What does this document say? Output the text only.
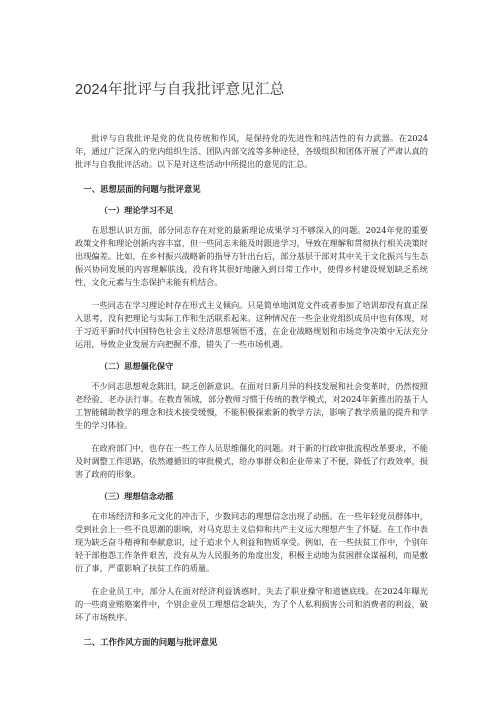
2024年批评与自我批评意见汇总

批评与自我批评是党的优良传统和作风，是保持党的先进性和纯洁性的有力武器。在2024年，通过广泛深入的党内组织生活、团队内部交流等多种途径，各级组织和团体开展了严肃认真的批评与自我批评活动。以下是对这些活动中所提出的意见的汇总。

一、思想层面的问题与批评意见
（一）理论学习不足

在思想认识方面，部分同志存在对党的最新理论成果学习不够深入的问题。2024年党的重要政策文件和理论创新内容丰富，但一些同志未能及时跟进学习，导致在理解和贯彻执行相关决策时出现偏差。比如，在乡村振兴战略新的指导方针出台后，部分基层干部对其中关于文化振兴与生态振兴协同发展的内容理解肤浅，没有将其很好地融入到日常工作中，使得乡村建设规划缺乏系统性，文化元素与生态保护未能有机结合。

一些同志在学习理论时存在形式主义倾向。只是简单地浏览文件或者参加了培训却没有真正深入思考，没有把理论与实际工作和生活联系起来。这种情况在一些企业党组织成员中也有体现，对于习近平新时代中国特色社会主义经济思想领悟不透，在企业战略规划和市场竞争决策中无法充分运用，导致企业发展方向把握不准，错失了一些市场机遇。

（二）思想僵化保守

不少同志思想观念陈旧，缺乏创新意识。在面对日新月异的科技发展和社会变革时，仍然按照老经验、老办法行事。在教育领域，部分教师习惯于传统的教学模式，对2024年新推出的基于人工智能辅助教学的理念和技术接受缓慢，不能积极探索新的教学方法，影响了教学质量的提升和学生的学习体验。

在政府部门中，也存在一些工作人员思维僵化的问题。对于新的行政审批流程改革要求，不能及时调整工作思路，依然遵循旧的审批模式，给办事群众和企业带来了不便，降低了行政效率，损害了政府的形象。

（三）理想信念动摇

在市场经济和多元文化的冲击下，少数同志的理想信念出现了动摇。在一些年轻党员群体中，受到社会上一些不良思潮的影响，对马克思主义信仰和共产主义远大理想产生了怀疑。在工作中表现为缺乏奋斗精神和奉献意识，过于追求个人利益和物质享受。例如，在一些扶贫工作中，个别年轻干部抱怨工作条件艰苦，没有从为人民服务的角度出发，积极主动地为贫困群众谋福利，而是敷衍了事，严重影响了扶贫工作的质量。

在企业员工中，部分人在面对经济利益诱惑时，失去了职业操守和道德底线。在2024年曝光的一些商业贿赂案件中，个别企业员工理想信念缺失，为了个人私利损害公司和消费者的利益，破坏了市场秩序。

二、工作作风方面的问题与批评意见
